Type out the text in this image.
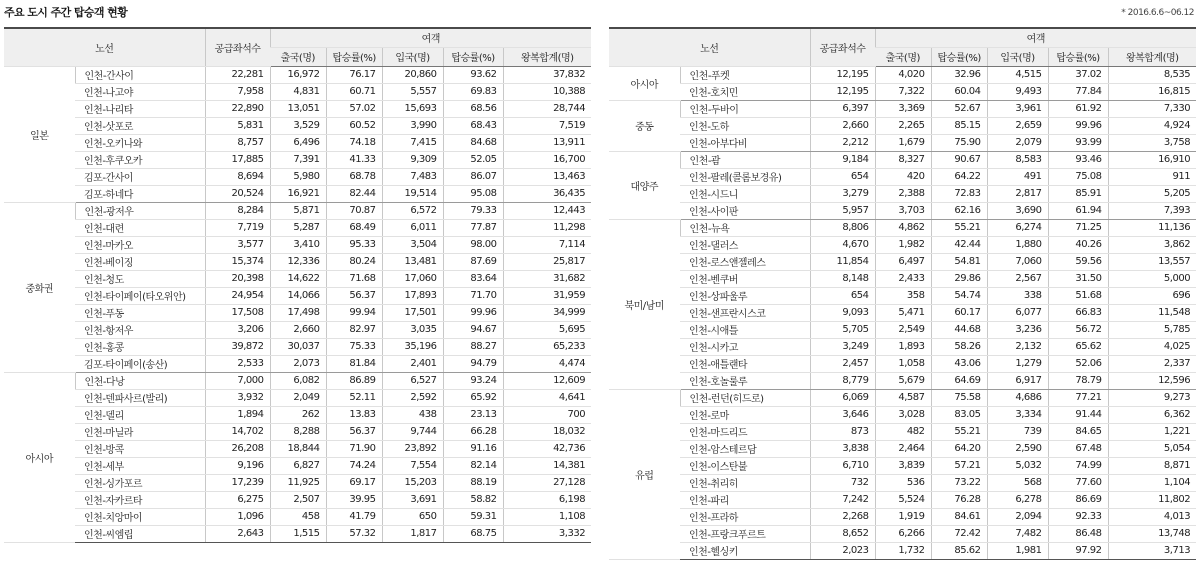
주요 도시 주간 탑승객 현황	* 2016.6.6~06.12
노선		공급좌석수	여객				
			출국(명)	탑승률(%)	입국(명)	탑승률(%)	왕복합계(명)
일본	인천-간사이	22,281	16,972	76.17	20,860	93.62	37,832
	인천-나고야	7,958	4,831	60.71	5,557	69.83	10,388
	인천-나리타	22,890	13,051	57.02	15,693	68.56	28,744
	인천-삿포로	5,831	3,529	60.52	3,990	68.43	7,519
	인천-오키나와	8,757	6,496	74.18	7,415	84.68	13,911
	인천-후쿠오카	17,885	7,391	41.33	9,309	52.05	16,700
	김포-간사이	8,694	5,980	68.78	7,483	86.07	13,463
	김포-하네다	20,524	16,921	82.44	19,514	95.08	36,435
중화권	인천-광저우	8,284	5,871	70.87	6,572	79.33	12,443
	인천-대련	7,719	5,287	68.49	6,011	77.87	11,298
	인천-마카오	3,577	3,410	95.33	3,504	98.00	7,114
	인천-베이징	15,374	12,336	80.24	13,481	87.69	25,817
	인천-청도	20,398	14,622	71.68	17,060	83.64	31,682
	인천-타이페이(타오위안)	24,954	14,066	56.37	17,893	71.70	31,959
	인천-푸동	17,508	17,498	99.94	17,501	99.96	34,999
	인천-항저우	3,206	2,660	82.97	3,035	94.67	5,695
	인천-홍콩	39,872	30,037	75.33	35,196	88.27	65,233
	김포-타이페이(송산)	2,533	2,073	81.84	2,401	94.79	4,474
아시아	인천-다낭	7,000	6,082	86.89	6,527	93.24	12,609
	인천-덴파사르(발리)	3,932	2,049	52.11	2,592	65.92	4,641
	인천-델리	1,894	262	13.83	438	23.13	700
	인천-마닐라	14,702	8,288	56.37	9,744	66.28	18,032
	인천-방콕	26,208	18,844	71.90	23,892	91.16	42,736
	인천-세부	9,196	6,827	74.24	7,554	82.14	14,381
	인천-싱가포르	17,239	11,925	69.17	15,203	88.19	27,128
	인천-자카르타	6,275	2,507	39.95	3,691	58.82	6,198
	인천-치앙마이	1,096	458	41.79	650	59.31	1,108
	인천-씨엠립	2,643	1,515	57.32	1,817	68.75	3,332
노선		공급좌석수	여객				
			출국(명)	탑승률(%)	입국(명)	탑승률(%)	왕복합계(명)
아시아	인천-푸켓	12,195	4,020	32.96	4,515	37.02	8,535
	인천-호치민	12,195	7,322	60.04	9,493	77.84	16,815
중동	인천-두바이	6,397	3,369	52.67	3,961	61.92	7,330
	인천-도하	2,660	2,265	85.15	2,659	99.96	4,924
	인천-아부다비	2,212	1,679	75.90	2,079	93.99	3,758
대양주	인천-괌	9,184	8,327	90.67	8,583	93.46	16,910
	인천-팔레(콜롬보경유)	654	420	64.22	491	75.08	911
	인천-시드니	3,279	2,388	72.83	2,817	85.91	5,205
	인천-사이판	5,957	3,703	62.16	3,690	61.94	7,393
북미/남미	인천-뉴욕	8,806	4,862	55.21	6,274	71.25	11,136
	인천-댈러스	4,670	1,982	42.44	1,880	40.26	3,862
	인천-로스앤젤레스	11,854	6,497	54.81	7,060	59.56	13,557
	인천-벤쿠버	8,148	2,433	29.86	2,567	31.50	5,000
	인천-상파울루	654	358	54.74	338	51.68	696
	인천-샌프란시스코	9,093	5,471	60.17	6,077	66.83	11,548
	인천-시애틀	5,705	2,549	44.68	3,236	56.72	5,785
	인천-시카고	3,249	1,893	58.26	2,132	65.62	4,025
	인천-애틀랜타	2,457	1,058	43.06	1,279	52.06	2,337
	인천-호놀룰루	8,779	5,679	64.69	6,917	78.79	12,596
유럽	인천-런던(히드로)	6,069	4,587	75.58	4,686	77.21	9,273
	인천-로마	3,646	3,028	83.05	3,334	91.44	6,362
	인천-마드리드	873	482	55.21	739	84.65	1,221
	인천-암스테르담	3,838	2,464	64.20	2,590	67.48	5,054
	인천-이스탄불	6,710	3,839	57.21	5,032	74.99	8,871
	인천-취리히	732	536	73.22	568	77.60	1,104
	인천-파리	7,242	5,524	76.28	6,278	86.69	11,802
	인천-프라하	2,268	1,919	84.61	2,094	92.33	4,013
	인천-프랑크푸르트	8,652	6,266	72.42	7,482	86.48	13,748
	인천-헬싱키	2,023	1,732	85.62	1,981	97.92	3,713
